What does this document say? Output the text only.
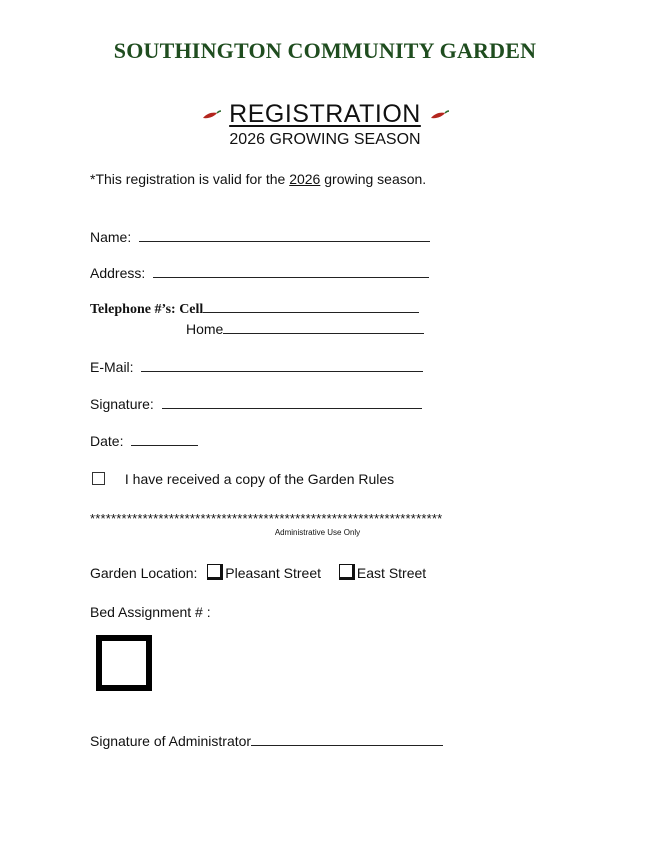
SOUTHINGTON COMMUNITY GARDEN
REGISTRATION
2026 GROWING SEASON
*This registration is valid for the 2026 growing season.
Name:
Address:
Telephone #’s: Cell
Home
E-Mail:
Signature:
Date:
I have received a copy of the Garden Rules
*******************************************************************
Administrative Use Only
Garden Location: Pleasant Street	East Street
Bed Assignment # :
Signature of Administrator
